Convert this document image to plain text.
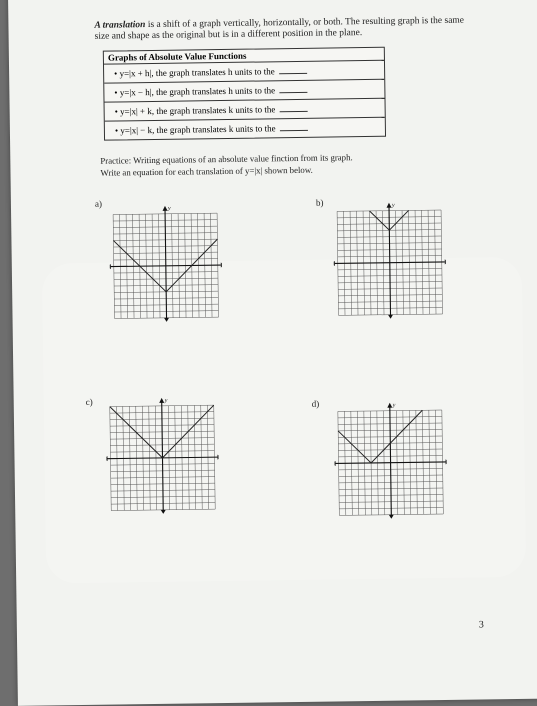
A translation is a shift of a graph vertically, horizontally, or both. The resulting graph is the same size and shape as the original but is in a different position in the plane.
Graphs of Absolute Value Functions
• y=|x + h|, the graph translates h units to the
• y=|x − h|, the graph translates h units to the
• y=|x| + k, the graph translates k units to the
• y=|x| − k, the graph translates k units to the
Practice: Writing equations of an absolute value finction from its graph.
Write an equation for each translation of y=|x| shown below.
a)	y
b)	y
c)	y	d)	y
3
